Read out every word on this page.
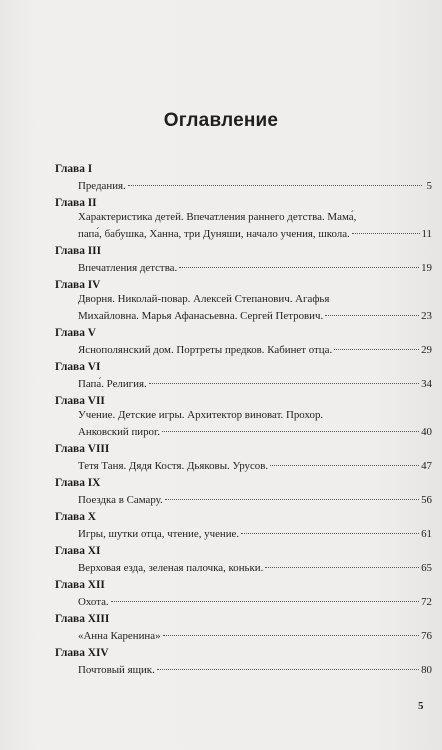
Оглавление
Глава I
Предания.	5
Глава II
Характеристика детей. Впечатления раннего детства. Мама́,
папа́, бабушка, Ханна, три Дуняши, начало учения, школа.	11
Глава III
Впечатления детства.	19
Глава IV
Дворня. Николай-повар. Алексей Степанович. Агафья
Михайловна. Марья Афанасьевна. Сергей Петрович.	23
Глава V
Яснополянский дом. Портреты предков. Кабинет отца.	29
Глава VI
Папа́. Религия.	34
Глава VII
Учение. Детские игры. Архитектор виноват. Прохор.
Анковский пирог.	40
Глава VIII
Тетя Таня. Дядя Костя. Дьяковы. Урусов.	47
Глава IX
Поездка в Самару.	56
Глава X
Игры, шутки отца, чтение, учение.	61
Глава XI
Верховая езда, зеленая палочка, коньки.	65
Глава XII
Охота.	72
Глава XIII
«Анна Каренина»	76
Глава XIV
Почтовый ящик.	80
5
